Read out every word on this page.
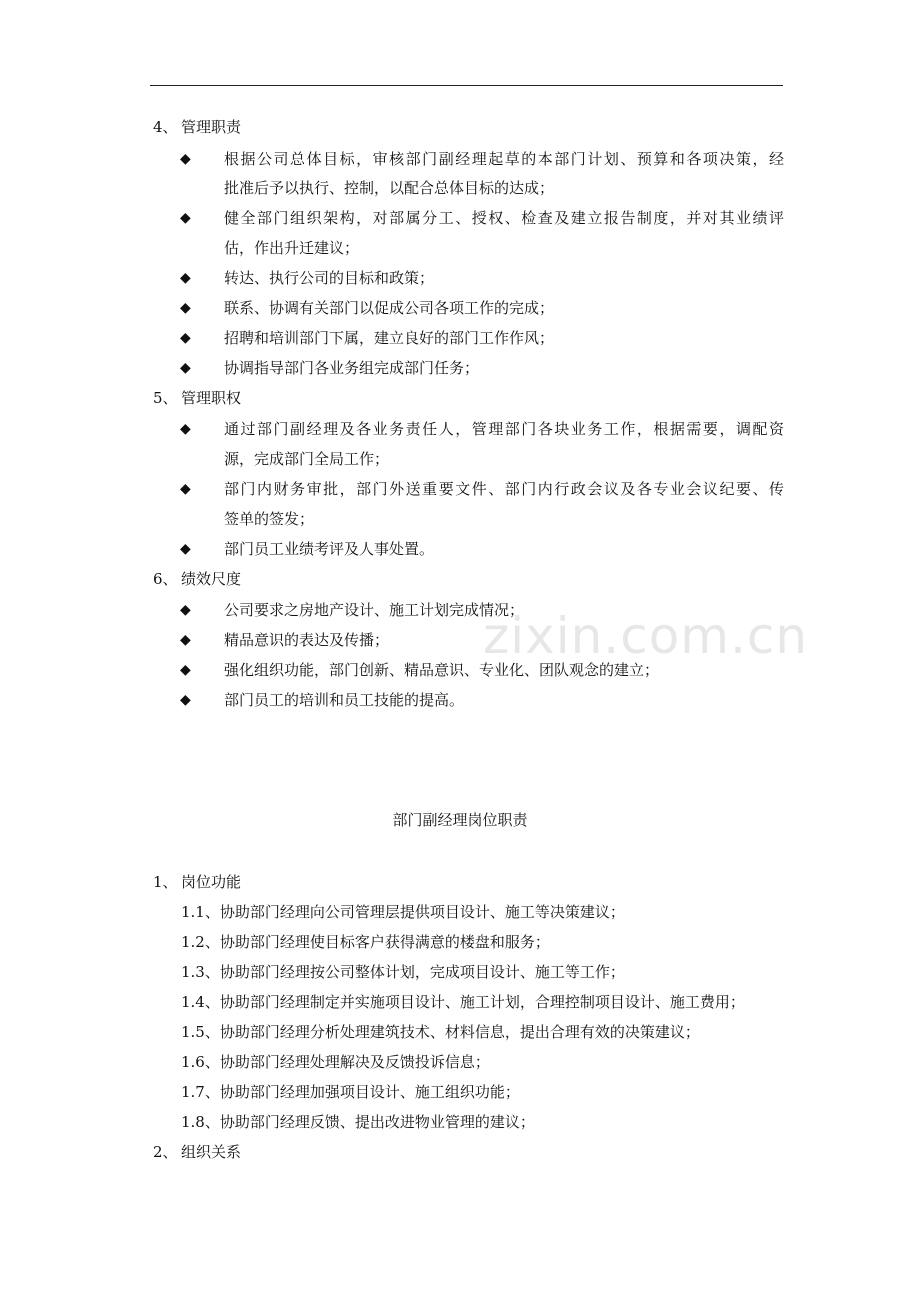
4、 管理职责
◆ 根据公司总体目标，审核部门副经理起草的本部门计划、预算和各项决策，经
批准后予以执行、控制，以配合总体目标的达成；
◆ 健全部门组织架构，对部属分工、授权、检查及建立报告制度，并对其业绩评
估，作出升迁建议；
◆ 转达、执行公司的目标和政策；
◆ 联系、协调有关部门以促成公司各项工作的完成；
◆ 招聘和培训部门下属，建立良好的部门工作作风；
◆ 协调指导部门各业务组完成部门任务；
5、 管理职权
◆ 通过部门副经理及各业务责任人，管理部门各块业务工作，根据需要，调配资
源，完成部门全局工作；
◆ 部门内财务审批，部门外送重要文件、部门内行政会议及各专业会议纪要、传
签单的签发；
◆ 部门员工业绩考评及人事处置。
6、 绩效尺度
◆ 公司要求之房地产设计、施工计划完成情况；
◆ 精品意识的表达及传播；
◆ 强化组织功能，部门创新、精品意识、专业化、团队观念的建立；
◆ 部门员工的培训和员工技能的提高。
zixin.com.cn
部门副经理岗位职责
1、 岗位功能
1.1、协助部门经理向公司管理层提供项目设计、施工等决策建议；
1.2、协助部门经理使目标客户获得满意的楼盘和服务；
1.3、协助部门经理按公司整体计划，完成项目设计、施工等工作；
1.4、协助部门经理制定并实施项目设计、施工计划，合理控制项目设计、施工费用；
1.5、协助部门经理分析处理建筑技术、材料信息，提出合理有效的决策建议；
1.6、协助部门经理处理解决及反馈投诉信息；
1.7、协助部门经理加强项目设计、施工组织功能；
1.8、协助部门经理反馈、提出改进物业管理的建议；
2、 组织关系
